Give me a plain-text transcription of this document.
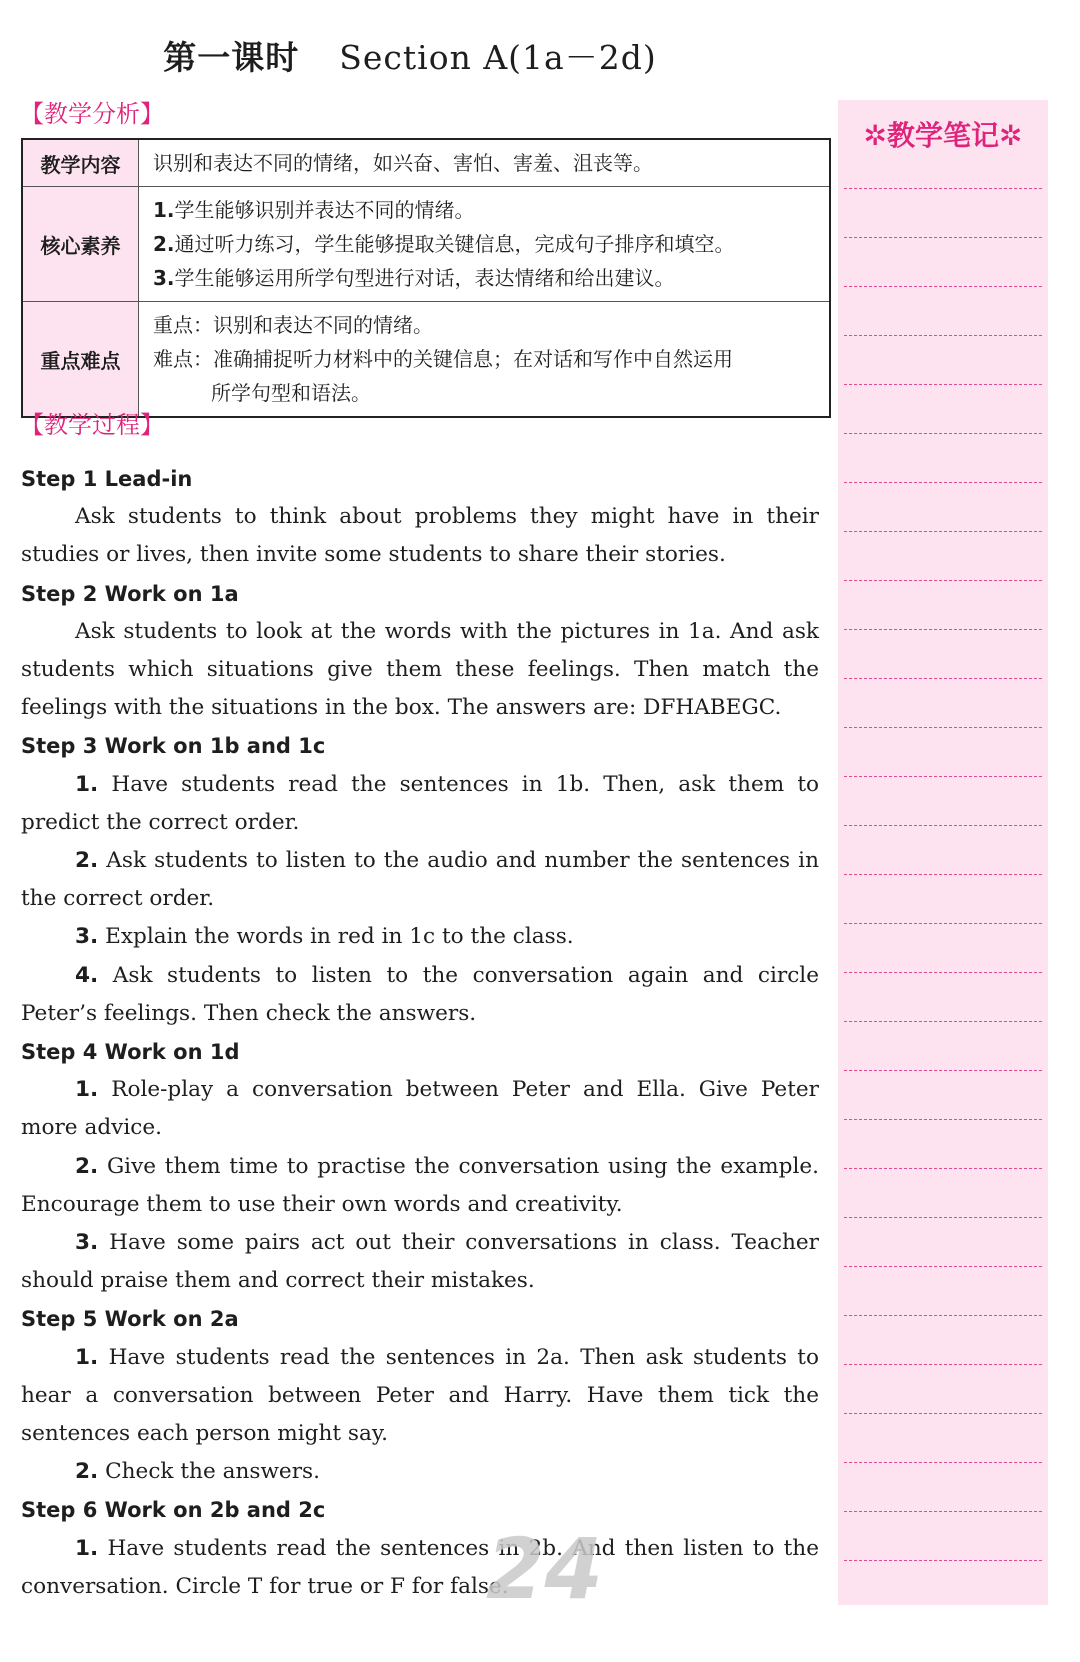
第一课时 Section A(1a－2d)
【教学分析】
教学内容	识别和表达不同的情绪，如兴奋、害怕、害羞、沮丧等。
核心素养	1.学生能够识别并表达不同的情绪。
2.通过听力练习，学生能够提取关键信息，完成句子排序和填空。
3.学生能够运用所学句型进行对话，表达情绪和给出建议。

重点难点	重点：识别和表达不同的情绪。
难点：准确捕捉听力材料中的关键信息；在对话和写作中自然运用
所学句型和语法。
【教学过程】

Step 1 Lead-in

Ask students to think about problems they might have in their studies or lives, then invite some students to share their stories.

Step 2 Work on 1a

Ask students to look at the words with the pictures in 1a. And ask students which situations give them these feelings. Then match the feelings with the situations in the box. The answers are: DFHABEGC.

Step 3 Work on 1b and 1c

1. Have students read the sentences in 1b. Then, ask them to predict the correct order.

2. Ask students to listen to the audio and number the sentences in the correct order.

3. Explain the words in red in 1c to the class.

4. Ask students to listen to the conversation again and circle Peter’s feelings. Then check the answers.

Step 4 Work on 1d

1. Role-play a conversation between Peter and Ella. Give Peter more advice.

2. Give them time to practise the conversation using the example. Encourage them to use their own words and creativity.

3. Have some pairs act out their conversations in class. Teacher should praise them and correct their mistakes.

Step 5 Work on 2a

1. Have students read the sentences in 2a. Then ask students to hear a conversation between Peter and Harry. Have them tick the sentences each person might say.

2. Check the answers.

Step 6 Work on 2b and 2c

1. Have students read the sentences in 2b. And then listen to the conversation. Circle T for true or F for false.

✲教学笔记✲
24
